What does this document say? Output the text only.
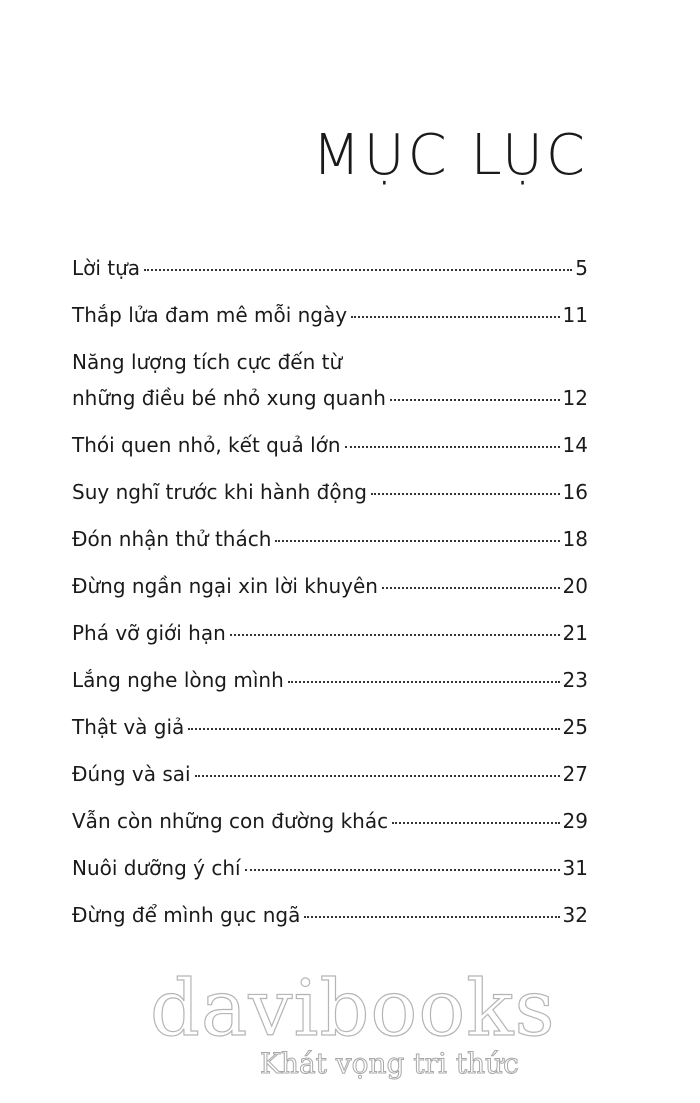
MỤC LỤC
Lời tựa	5
Thắp lửa đam mê mỗi ngày	11
Năng lượng tích cực đến từ
những điều bé nhỏ xung quanh	12
Thói quen nhỏ, kết quả lớn	14
Suy nghĩ trước khi hành động	16
Đón nhận thử thách	18
Đừng ngần ngại xin lời khuyên	20
Phá vỡ giới hạn	21
Lắng nghe lòng mình	23
Thật và giả	25
Đúng và sai	27
Vẫn còn những con đường khác	29
Nuôi dưỡng ý chí	31
Đừng để mình gục ngã	32
davibooks
Khát vọng tri thức
